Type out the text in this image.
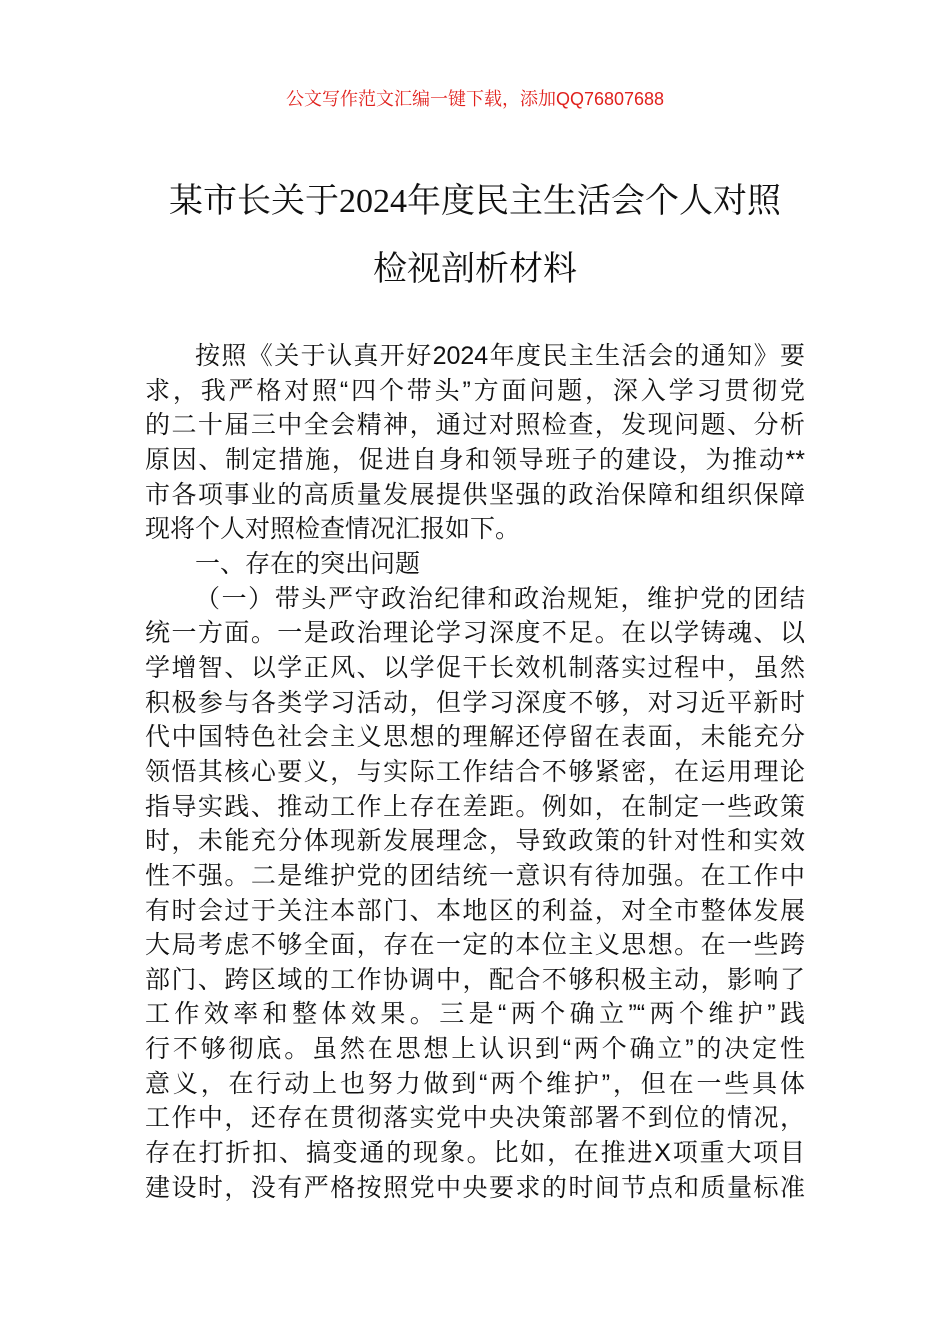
公文写作范文汇编一键下载，添加QQ76807688
某市长关于2024年度民主生活会个人对照
检视剖析材料
按照《关于认真开好2024年度民主生活会的通知》要
求，我严格对照“四个带头”方面问题，深入学习贯彻党
的二十届三中全会精神，通过对照检查，发现问题、分析
原因、制定措施，促进自身和领导班子的建设，为推动**
市各项事业的高质量发展提供坚强的政治保障和组织保障
现将个人对照检查情况汇报如下。
一、存在的突出问题
（一）带头严守政治纪律和政治规矩，维护党的团结
统一方面。一是政治理论学习深度不足。在以学铸魂、以
学增智、以学正风、以学促干长效机制落实过程中，虽然
积极参与各类学习活动，但学习深度不够，对习近平新时
代中国特色社会主义思想的理解还停留在表面，未能充分
领悟其核心要义，与实际工作结合不够紧密，在运用理论
指导实践、推动工作上存在差距。例如，在制定一些政策
时，未能充分体现新发展理念，导致政策的针对性和实效
性不强。二是维护党的团结统一意识有待加强。在工作中
有时会过于关注本部门、本地区的利益，对全市整体发展
大局考虑不够全面，存在一定的本位主义思想。在一些跨
部门、跨区域的工作协调中，配合不够积极主动，影响了
工作效率和整体效果。三是“两个确立”“两个维护”践
行不够彻底。虽然在思想上认识到“两个确立”的决定性
意义，在行动上也努力做到“两个维护”，但在一些具体
工作中，还存在贯彻落实党中央决策部署不到位的情况，
存在打折扣、搞变通的现象。比如，在推进X项重大项目
建设时，没有严格按照党中央要求的时间节点和质量标准
